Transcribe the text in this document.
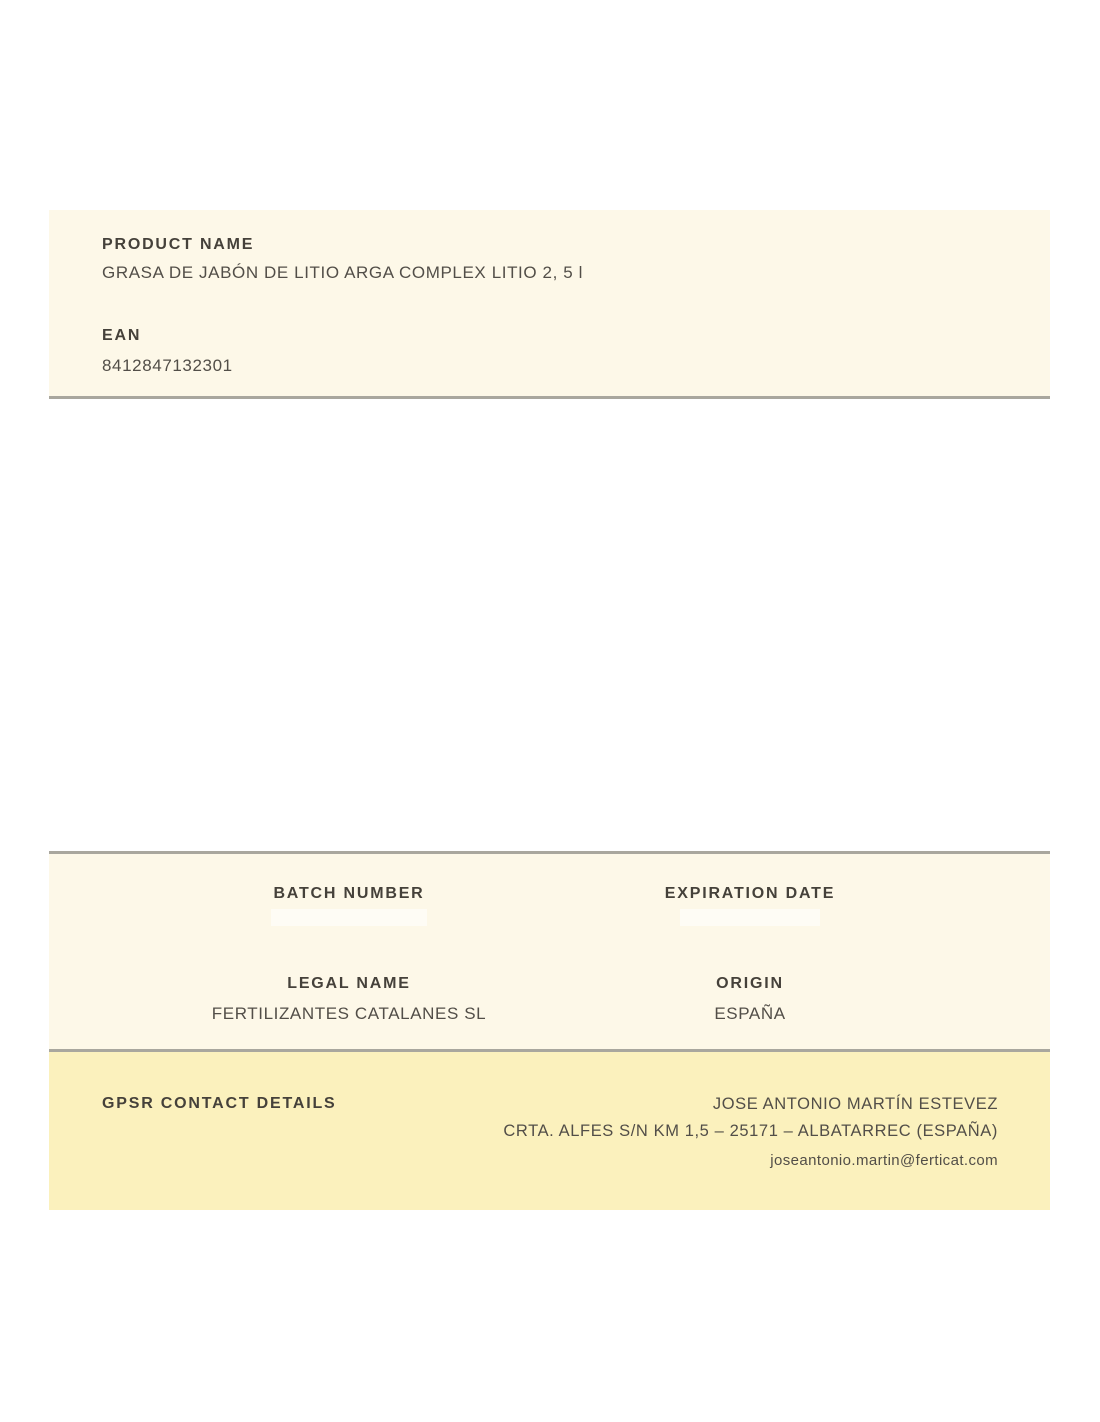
PRODUCT NAME
GRASA DE JABÓN DE LITIO ARGA COMPLEX LITIO 2, 5 l
EAN
8412847132301
BATCH NUMBER	EXPIRATION DATE
LEGAL NAME
FERTILIZANTES CATALANES SL
ORIGIN
ESPAÑA
GPSR CONTACT DETAILS	JOSE ANTONIO MARTÍN ESTEVEZ
CRTA. ALFES S/N KM 1,5 – 25171 – ALBATARREC (ESPAÑA)
joseantonio.martin@ferticat.com
